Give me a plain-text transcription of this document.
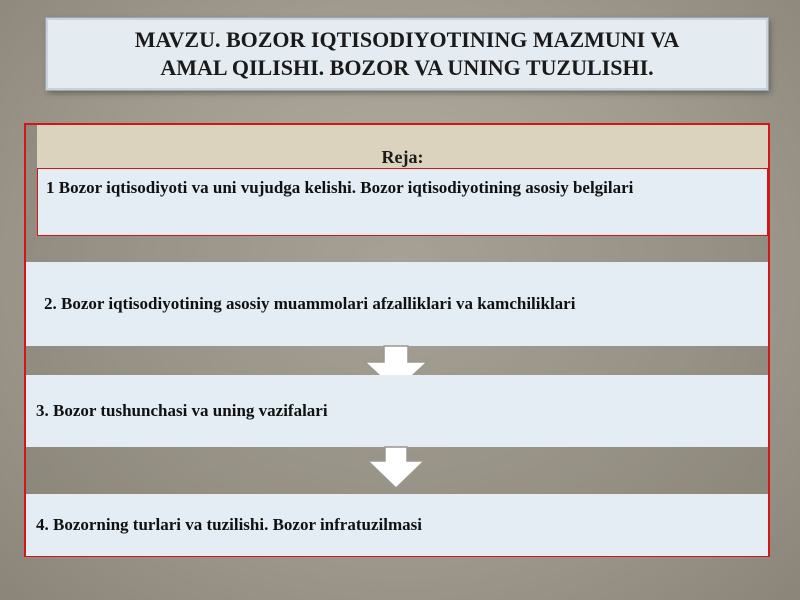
MAVZU. BOZOR IQTISODIYOTINING MAZMUNI VA
AMAL QILISHI. BOZOR VA UNING TUZULISHI.

Reja:

1 Bozor iqtisodiyoti va uni vujudga kelishi. Bozor iqtisodiyotining asosiy belgilari
2. Bozor iqtisodiyotining asosiy muammolari afzalliklari va kamchiliklari
3. Bozor tushunchasi va uning vazifalari
4. Bozorning turlari va tuzilishi. Bozor infratuzilmasi
